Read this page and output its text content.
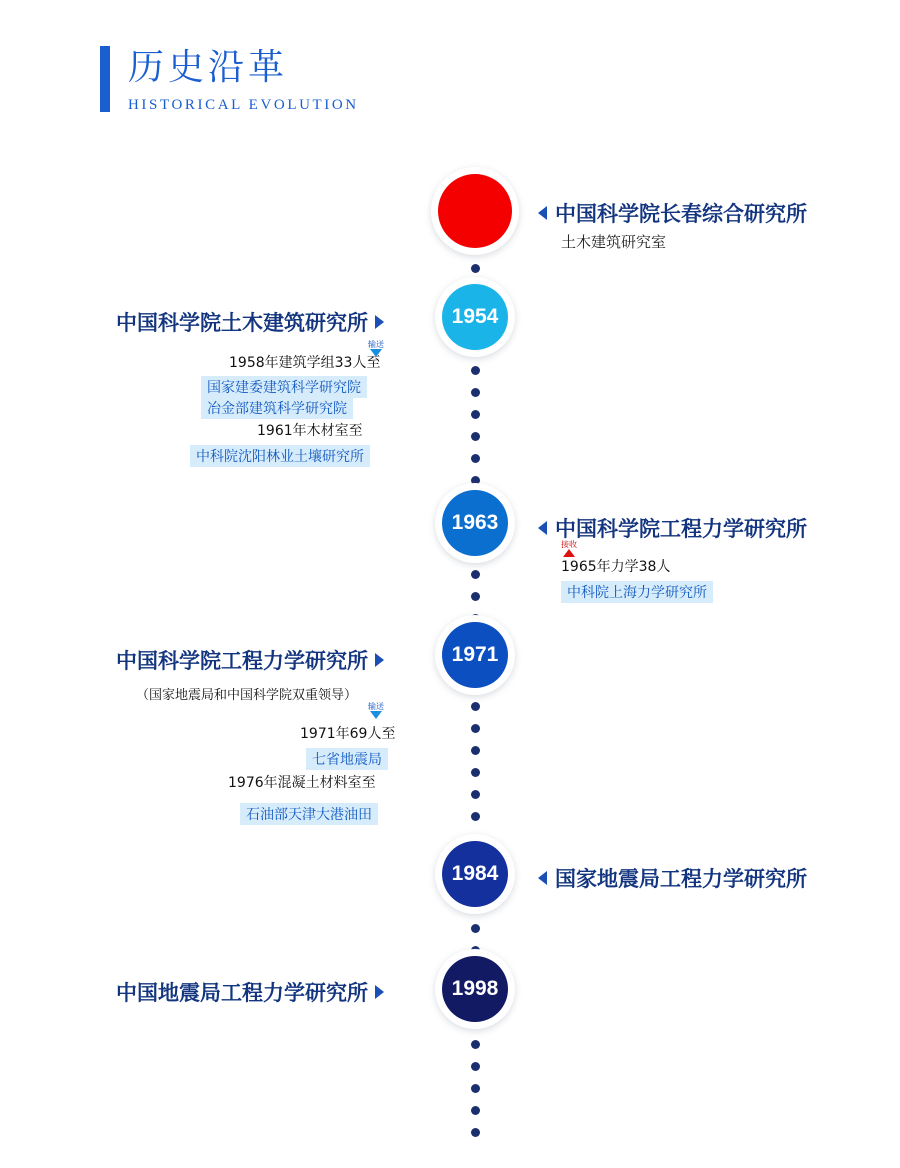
历史沿革
HISTORICAL EVOLUTION
1954
1963
1971
1984
1998
中国科学院长春综合研究所
土木建筑研究室
中国科学院工程力学研究所
接收
1965年力学38人
中科院上海力学研究所
国家地震局工程力学研究所
中国科学院土木建筑研究所
输送
1958年建筑学组33人至
国家建委建筑科学研究院
冶金部建筑科学研究院
1961年木材室至
中科院沈阳林业土壤研究所
中国科学院工程力学研究所
（国家地震局和中国科学院双重领导）
输送
1971年69人至
七省地震局
1976年混凝土材料室至
石油部天津大港油田
中国地震局工程力学研究所
